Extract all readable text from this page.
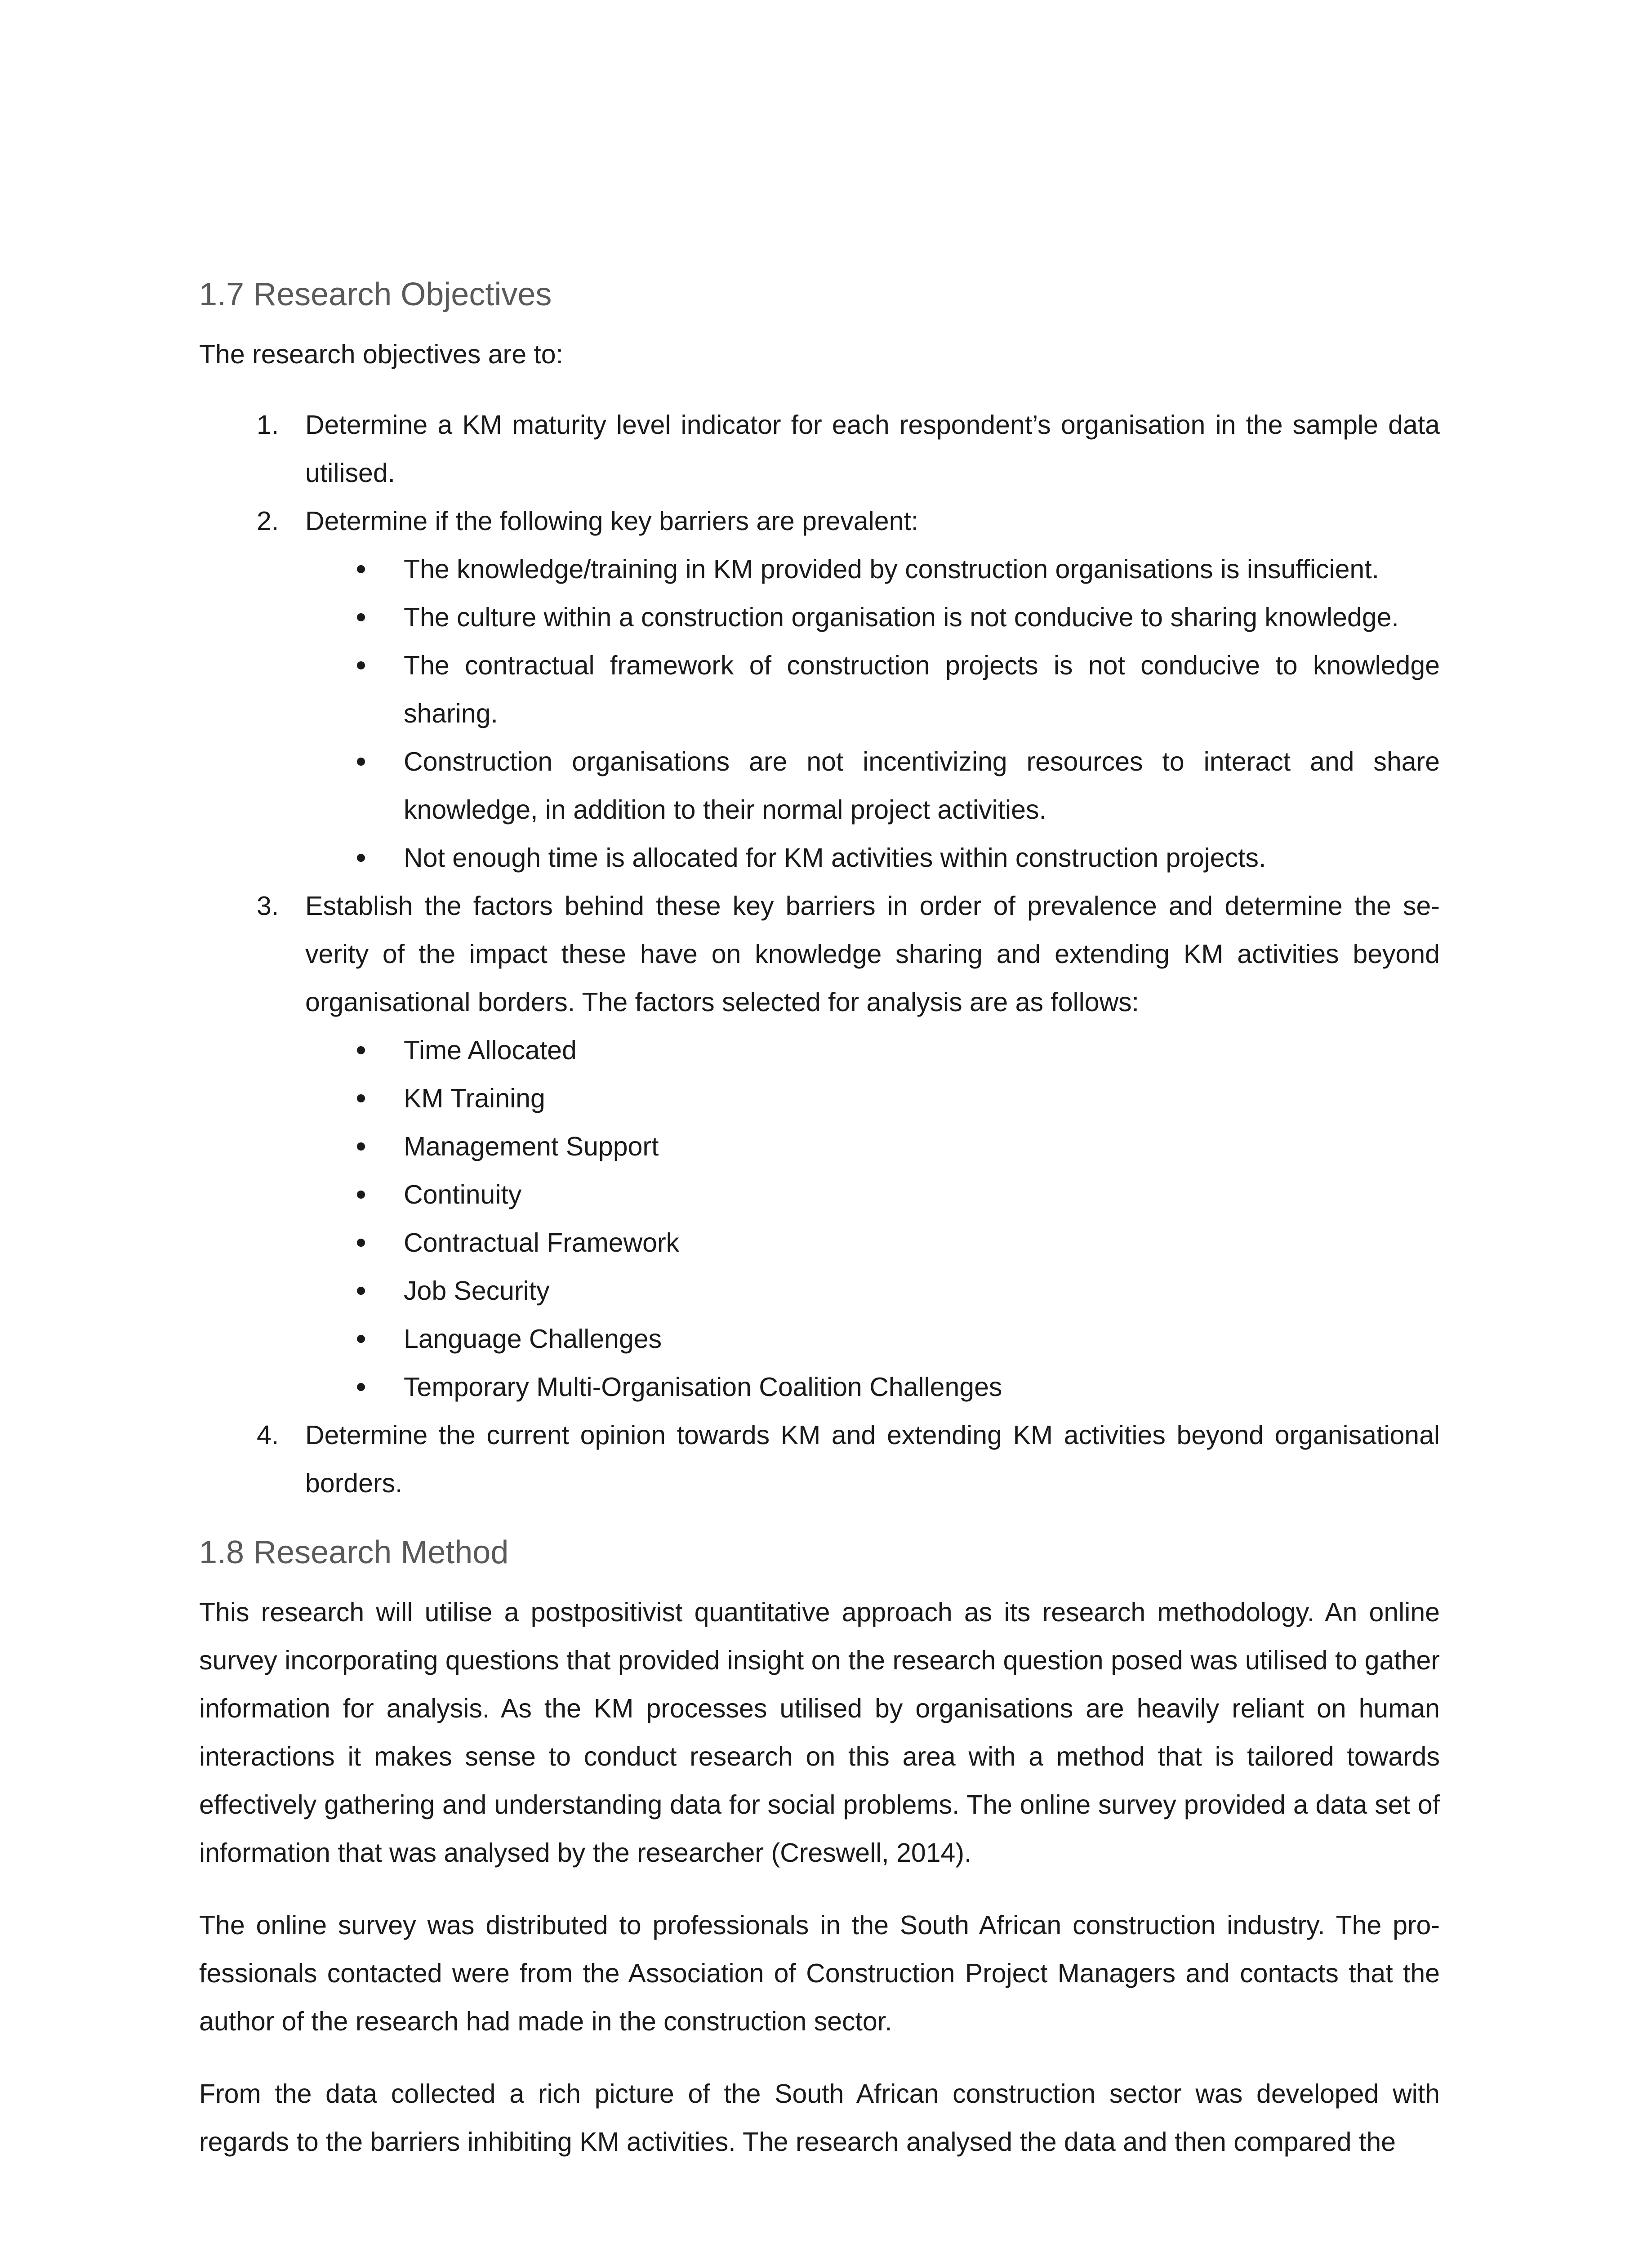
1.7 Research Objectives

The research objectives are to:

1. Determine a KM maturity level indicator for each respondent’s organisation in the sample data utilised.
2. Determine if the following key barriers are prevalent:
The knowledge/training in KM provided by construction organisations is insufficient.
The culture within a construction organisation is not conducive to sharing knowledge.
The contractual framework of construction projects is not conducive to knowledge sharing.
Construction organisations are not incentivizing resources to interact and share knowledge, in addition to their normal project activities.
Not enough time is allocated for KM activities within construction projects.
3. Establish the factors behind these key barriers in order of prevalence and determine the se-verity of the impact these have on knowledge sharing and extending KM activities beyond organisational borders. The factors selected for analysis are as follows:
Time Allocated
KM Training
Management Support
Continuity
Contractual Framework
Job Security
Language Challenges
Temporary Multi-Organisation Coalition Challenges
4. Determine the current opinion towards KM and extending KM activities beyond organisational borders.
1.8 Research Method

This research will utilise a postpositivist quantitative approach as its research methodology. An online survey incorporating questions that provided insight on the research question posed was utilised to gather information for analysis. As the KM processes utilised by organisations are heavily reliant on human interactions it makes sense to conduct research on this area with a method that is tailored towards effectively gathering and understanding data for social problems. The online survey provided a data set of information that was analysed by the researcher (Creswell, 2014).

The online survey was distributed to professionals in the South African construction industry. The pro-fessionals contacted were from the Association of Construction Project Managers and contacts that the author of the research had made in the construction sector.

From the data collected a rich picture of the South African construction sector was developed with regards to the barriers inhibiting KM activities. The research analysed the data and then compared the
